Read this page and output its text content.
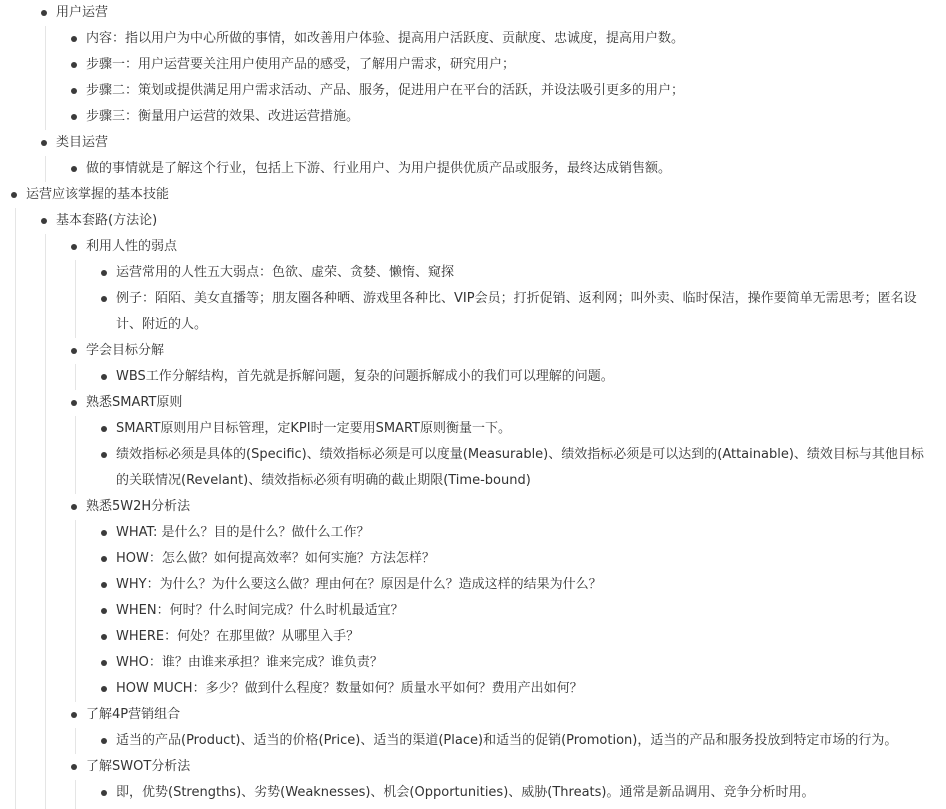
用户运营
内容：指以用户为中心所做的事情，如改善用户体验、提高用户活跃度、贡献度、忠诚度，提高用户数。
步骤一：用户运营要关注用户使用产品的感受，了解用户需求，研究用户；
步骤二：策划或提供满足用户需求活动、产品、服务，促进用户在平台的活跃，并设法吸引更多的用户；
步骤三：衡量用户运营的效果、改进运营措施。
类目运营
做的事情就是了解这个行业，包括上下游、行业用户、为用户提供优质产品或服务，最终达成销售额。
运营应该掌握的基本技能
基本套路(方法论)
利用人性的弱点
运营常用的人性五大弱点：色欲、虚荣、贪婪、懒惰、窥探
例子：陌陌、美女直播等；朋友圈各种晒、游戏里各种比、VIP会员；打折促销、返利网；叫外卖、临时保洁，操作要简单无需思考；匿名设计、附近的人。
学会目标分解
WBS工作分解结构，首先就是拆解问题，复杂的问题拆解成小的我们可以理解的问题。
熟悉SMART原则
SMART原则用户目标管理，定KPI时一定要用SMART原则衡量一下。
绩效指标必须是具体的(Specific)、绩效指标必须是可以度量(Measurable)、绩效指标必须是可以达到的(Attainable)、绩效目标与其他目标的关联情况(Revelant)、绩效指标必须有明确的截止期限(Time-bound)
熟悉5W2H分析法
WHAT: 是什么？目的是什么？做什么工作？
HOW：怎么做？如何提高效率？如何实施？方法怎样？
WHY：为什么？为什么要这么做？理由何在？原因是什么？造成这样的结果为什么？
WHEN：何时？什么时间完成？什么时机最适宜？
WHERE：何处？在那里做？从哪里入手？
WHO：谁？由谁来承担？谁来完成？谁负责？
HOW MUCH：多少？做到什么程度？数量如何？质量水平如何？费用产出如何？
了解4P营销组合
适当的产品(Product)、适当的价格(Price)、适当的渠道(Place)和适当的促销(Promotion)，适当的产品和服务投放到特定市场的行为。
了解SWOT分析法
即，优势(Strengths)、劣势(Weaknesses)、机会(Opportunities)、威胁(Threats)。通常是新品调用、竞争分析时用。
